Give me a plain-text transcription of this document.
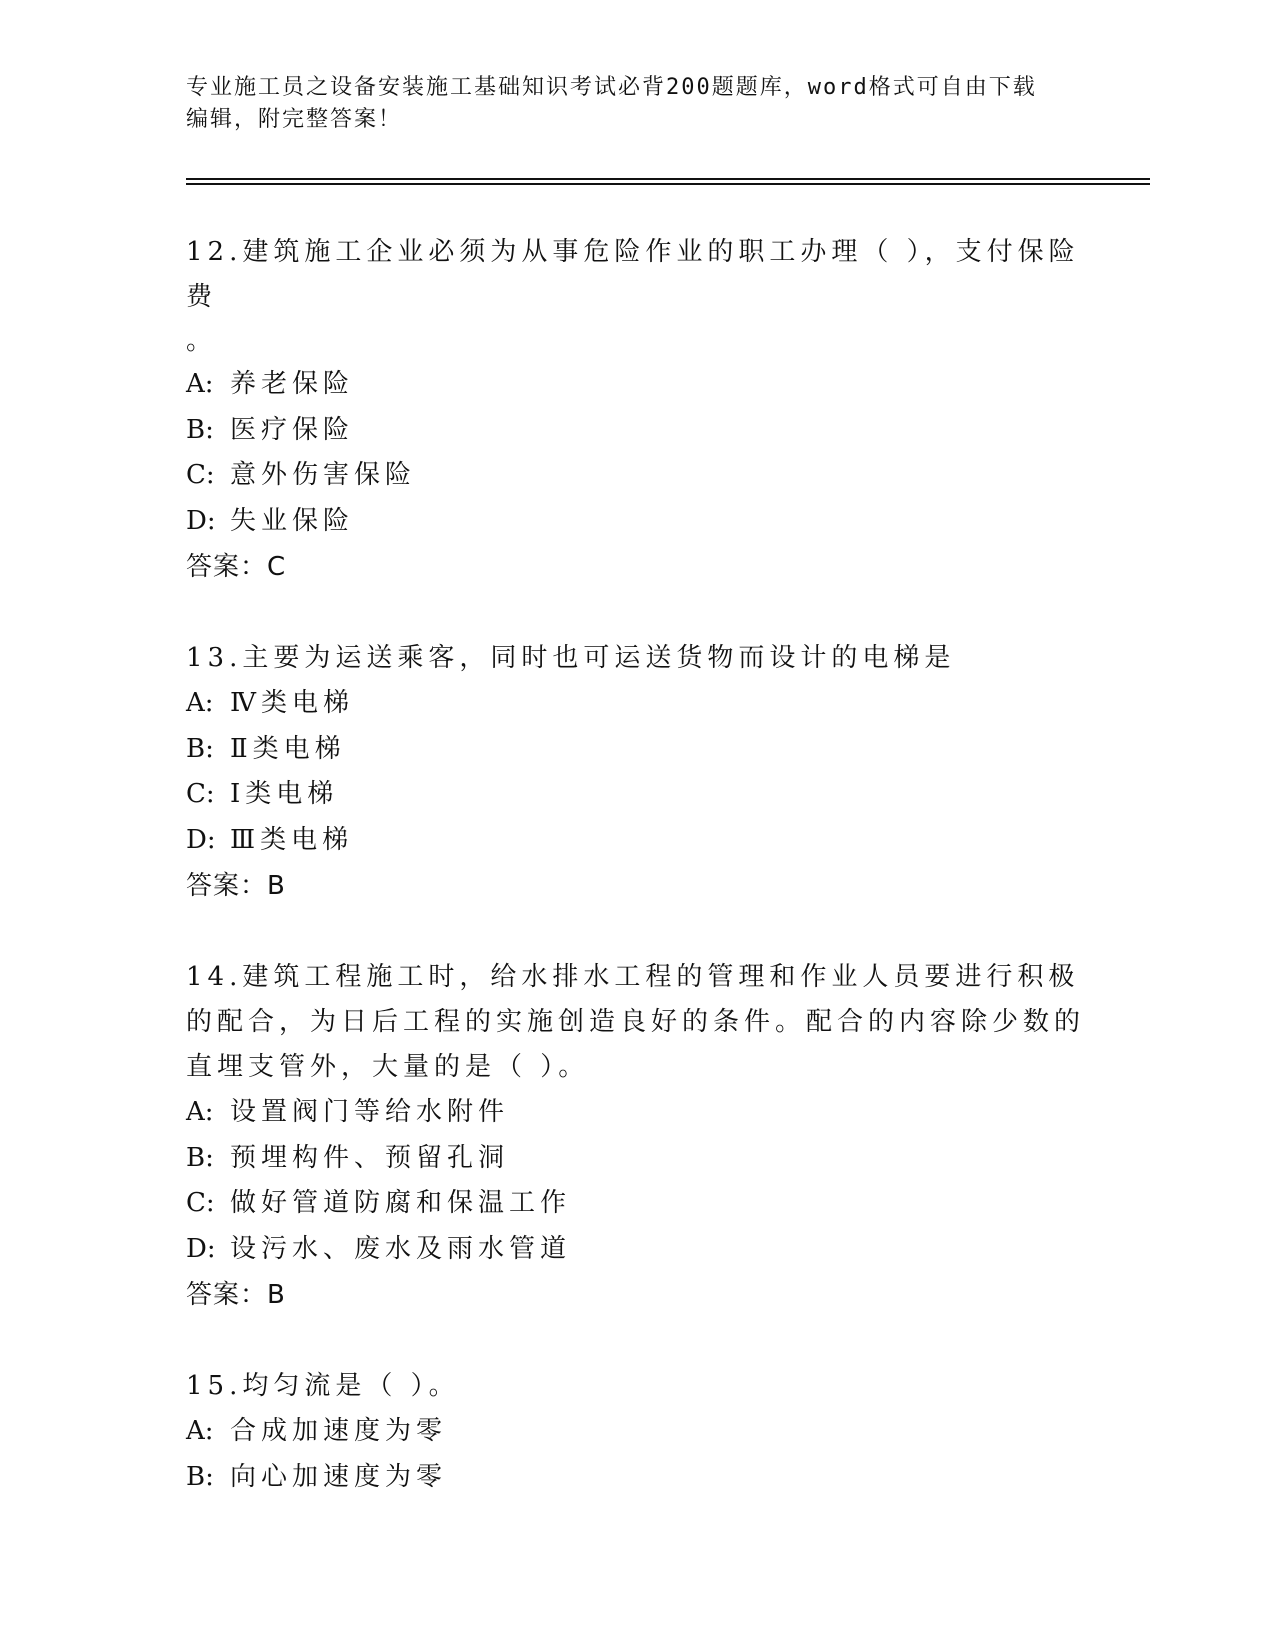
专业施工员之设备安装施工基础知识考试必背200题题库，word格式可自由下载
编辑，附完整答案！

12.建筑施工企业必须为从事危险作业的职工办理（ ），支付保险费

。

A: 养老保险

B: 医疗保险

C: 意外伤害保险

D: 失业保险

答案：C

13.主要为运送乘客，同时也可运送货物而设计的电梯是

A: Ⅳ类电梯

B: Ⅱ类电梯

C: Ⅰ类电梯

D: Ⅲ类电梯

答案：B

14.建筑工程施工时，给水排水工程的管理和作业人员要进行积极的配合，为日后工程的实施创造良好的条件。配合的内容除少数的直埋支管外，大量的是（ ）。

A: 设置阀门等给水附件

B: 预埋构件、预留孔洞

C: 做好管道防腐和保温工作

D: 设污水、废水及雨水管道

答案：B

15.均匀流是（ ）。

A: 合成加速度为零

B: 向心加速度为零
